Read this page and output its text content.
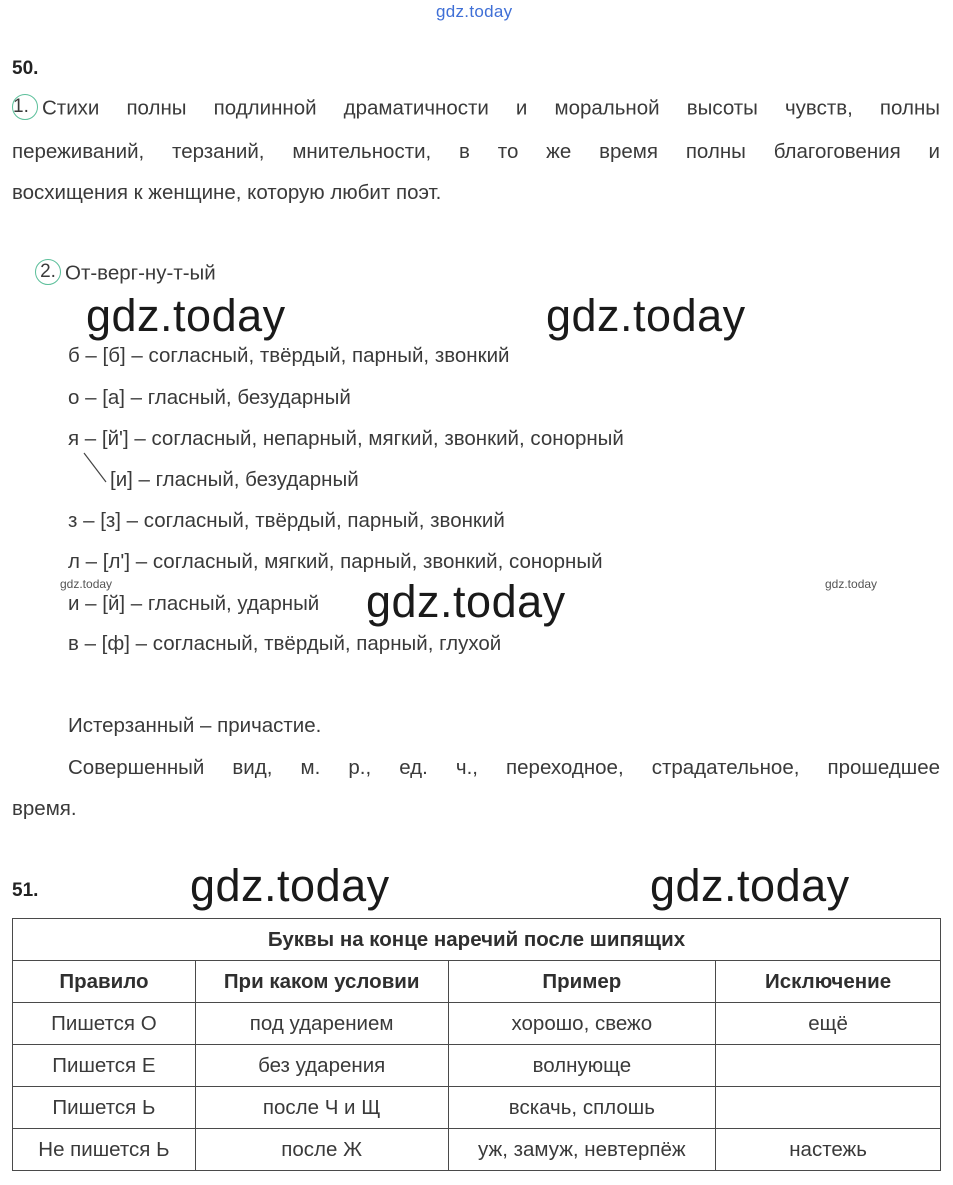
gdz.today
50.
1. Стихи полны подлинной драматичности и моральной высоты чувств, полны
переживаний, терзаний, мнительности, в то же время полны благоговения и
восхищения к женщине, которую любит поэт.
2. От-верг-ну-т-ый
gdz.today	gdz.today
б – [б] – согласный, твёрдый, парный, звонкий
о – [а] – гласный, безударный
я – [й'] – согласный, непарный, мягкий, звонкий, сонорный
[и] – гласный, безударный
з – [з] – согласный, твёрдый, парный, звонкий
л – [л'] – согласный, мягкий, парный, звонкий, сонорный
gdz.today	gdz.today
и – [й] – гласный, ударный gdz.today
в – [ф] – согласный, твёрдый, парный, глухой
Истерзанный – причастие.
Совершенный вид, м. р., ед. ч., переходное, страдательное, прошедшее
время.
51.	gdz.today	gdz.today
Буквы на конце наречий после шипящих			
Правило	При каком условии	Пример	Исключение
Пишется О	под ударением	хорошо, свежо	ещё
Пишется Е	без ударения	волнующе	
Пишется Ь	после Ч и Щ	вскачь, сплошь	
Не пишется Ь	после Ж	уж, замуж, невтерпёж	настежь
